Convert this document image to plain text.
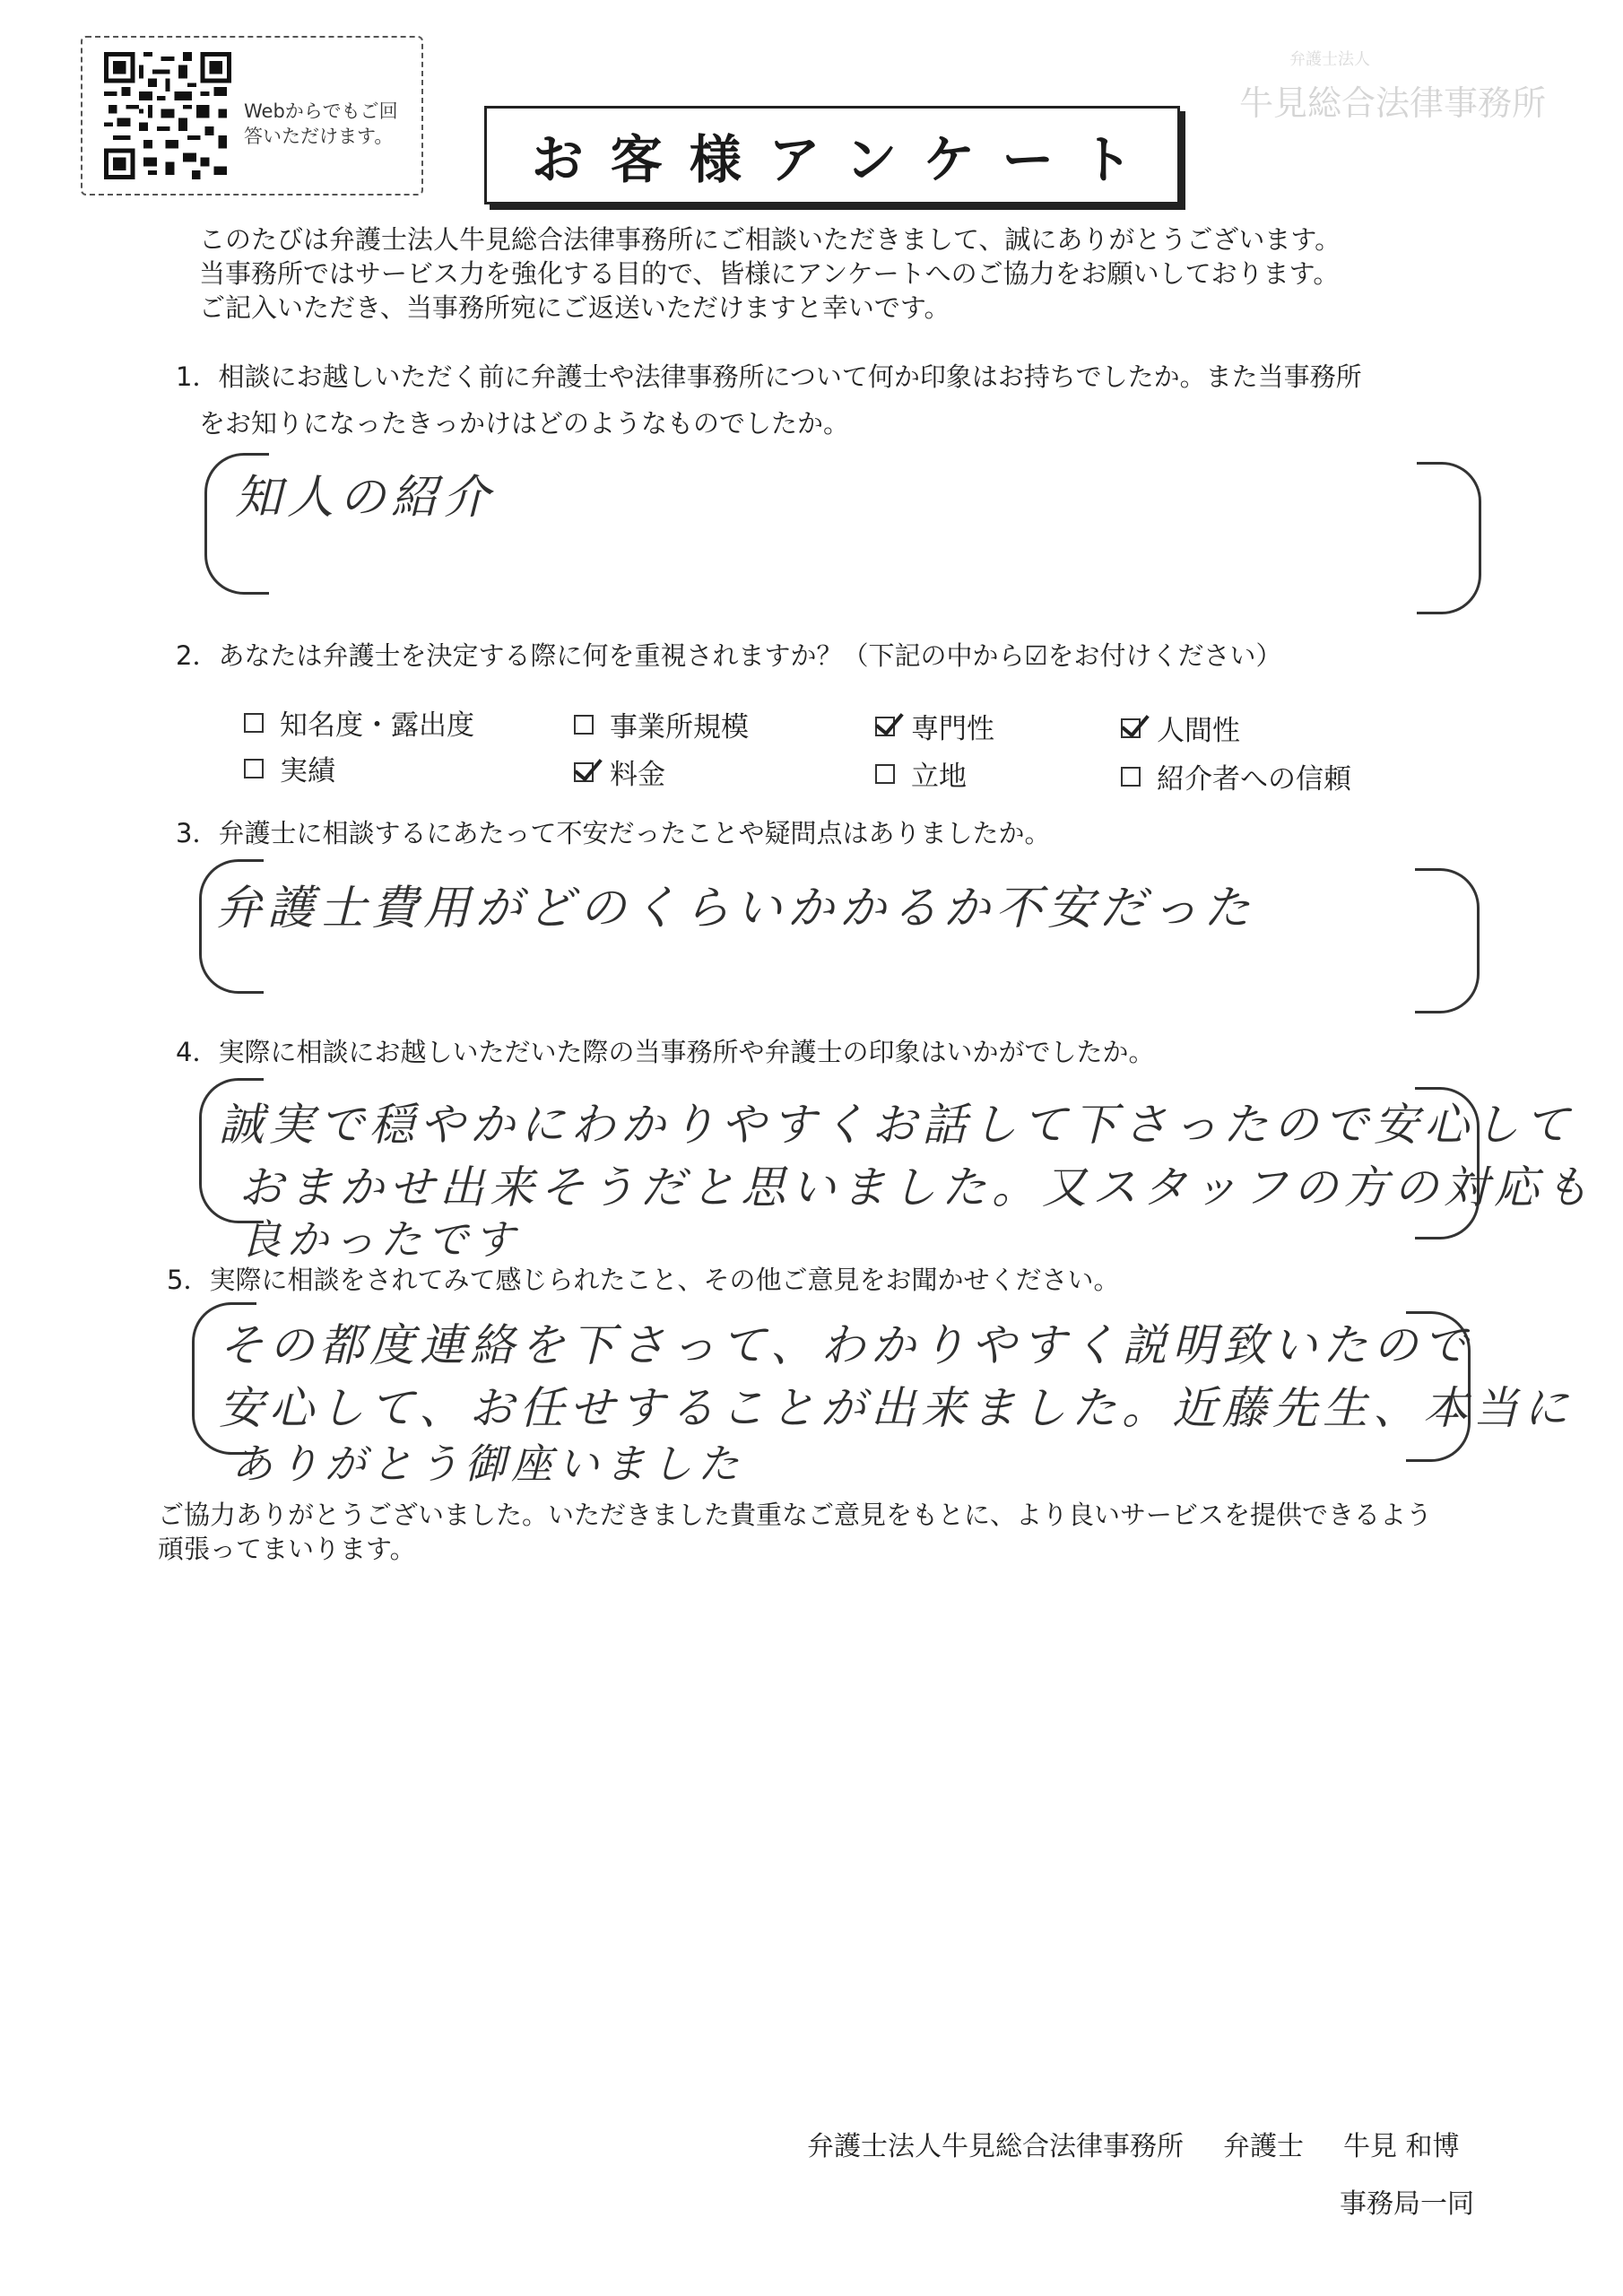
Webからでもご回答いただけます。	お客様アンケート
弁護士法人
牛見総合法律事務所
このたびは弁護士法人牛見総合法律事務所にご相談いただきまして、誠にありがとうございます。
当事務所ではサービス力を強化する目的で、皆様にアンケートへのご協力をお願いしております。
ご記入いただき、当事務所宛にご返送いただけますと幸いです。
1．相談にお越しいただく前に弁護士や法律事務所について何か印象はお持ちでしたか。また当事務所
をお知りになったきっかけはどのようなものでしたか。
知人の紹介
2．あなたは弁護士を決定する際に何を重視されますか？（下記の中から☑をお付けください）
知名度・露出度	事業所規模	専門性	人間性
実績	料金	立地	紹介者への信頼
3．弁護士に相談するにあたって不安だったことや疑問点はありましたか。
弁護士費用がどのくらいかかるか不安だった
4．実際に相談にお越しいただいた際の当事務所や弁護士の印象はいかがでしたか。
誠実で穏やかにわかりやすくお話して下さったので安心して
おまかせ出来そうだと思いました。又スタッフの方の対応も
良かったです
5．実際に相談をされてみて感じられたこと、その他ご意見をお聞かせください。
その都度連絡を下さって、わかりやすく説明致いたので
安心して、お任せすることが出来ました。近藤先生、本当に
ありがとう御座いました
ご協力ありがとうございました。いただきました貴重なご意見をもとに、より良いサービスを提供できるよう
頑張ってまいります。
弁護士法人牛見総合法律事務所 弁護士 牛見 和博
事務局一同
